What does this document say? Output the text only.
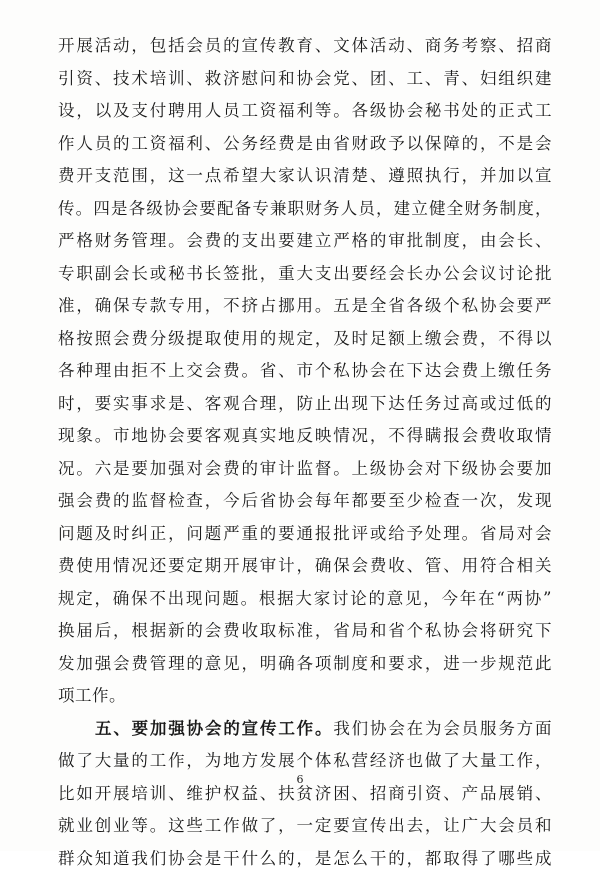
开展活动，包括会员的宣传教育、文体活动、商务考察、招商
引资、技术培训、救济慰问和协会党、团、工、青、妇组织建
设，以及支付聘用人员工资福利等。各级协会秘书处的正式工
作人员的工资福利、公务经费是由省财政予以保障的，不是会
费开支范围，这一点希望大家认识清楚、遵照执行，并加以宣
传。四是各级协会要配备专兼职财务人员，建立健全财务制度，
严格财务管理。会费的支出要建立严格的审批制度，由会长、
专职副会长或秘书长签批，重大支出要经会长办公会议讨论批
准，确保专款专用，不挤占挪用。五是全省各级个私协会要严
格按照会费分级提取使用的规定，及时足额上缴会费，不得以
各种理由拒不上交会费。省、市个私协会在下达会费上缴任务
时，要实事求是、客观合理，防止出现下达任务过高或过低的
现象。市地协会要客观真实地反映情况，不得瞒报会费收取情
况。六是要加强对会费的审计监督。上级协会对下级协会要加
强会费的监督检查，今后省协会每年都要至少检查一次，发现
问题及时纠正，问题严重的要通报批评或给予处理。省局对会
费使用情况还要定期开展审计，确保会费收、管、用符合相关
规定，确保不出现问题。根据大家讨论的意见，今年在“两协”
换届后，根据新的会费收取标准，省局和省个私协会将研究下
发加强会费管理的意见，明确各项制度和要求，进一步规范此
项工作。
五、要加强协会的宣传工作。我们协会在为会员服务方面
做了大量的工作，为地方发展个体私营经济也做了大量工作，
比如开展培训、维护权益、扶贫济困、招商引资、产品展销、
就业创业等。这些工作做了，一定要宣传出去，让广大会员和
群众知道我们协会是干什么的，是怎么干的，都取得了哪些成
6
